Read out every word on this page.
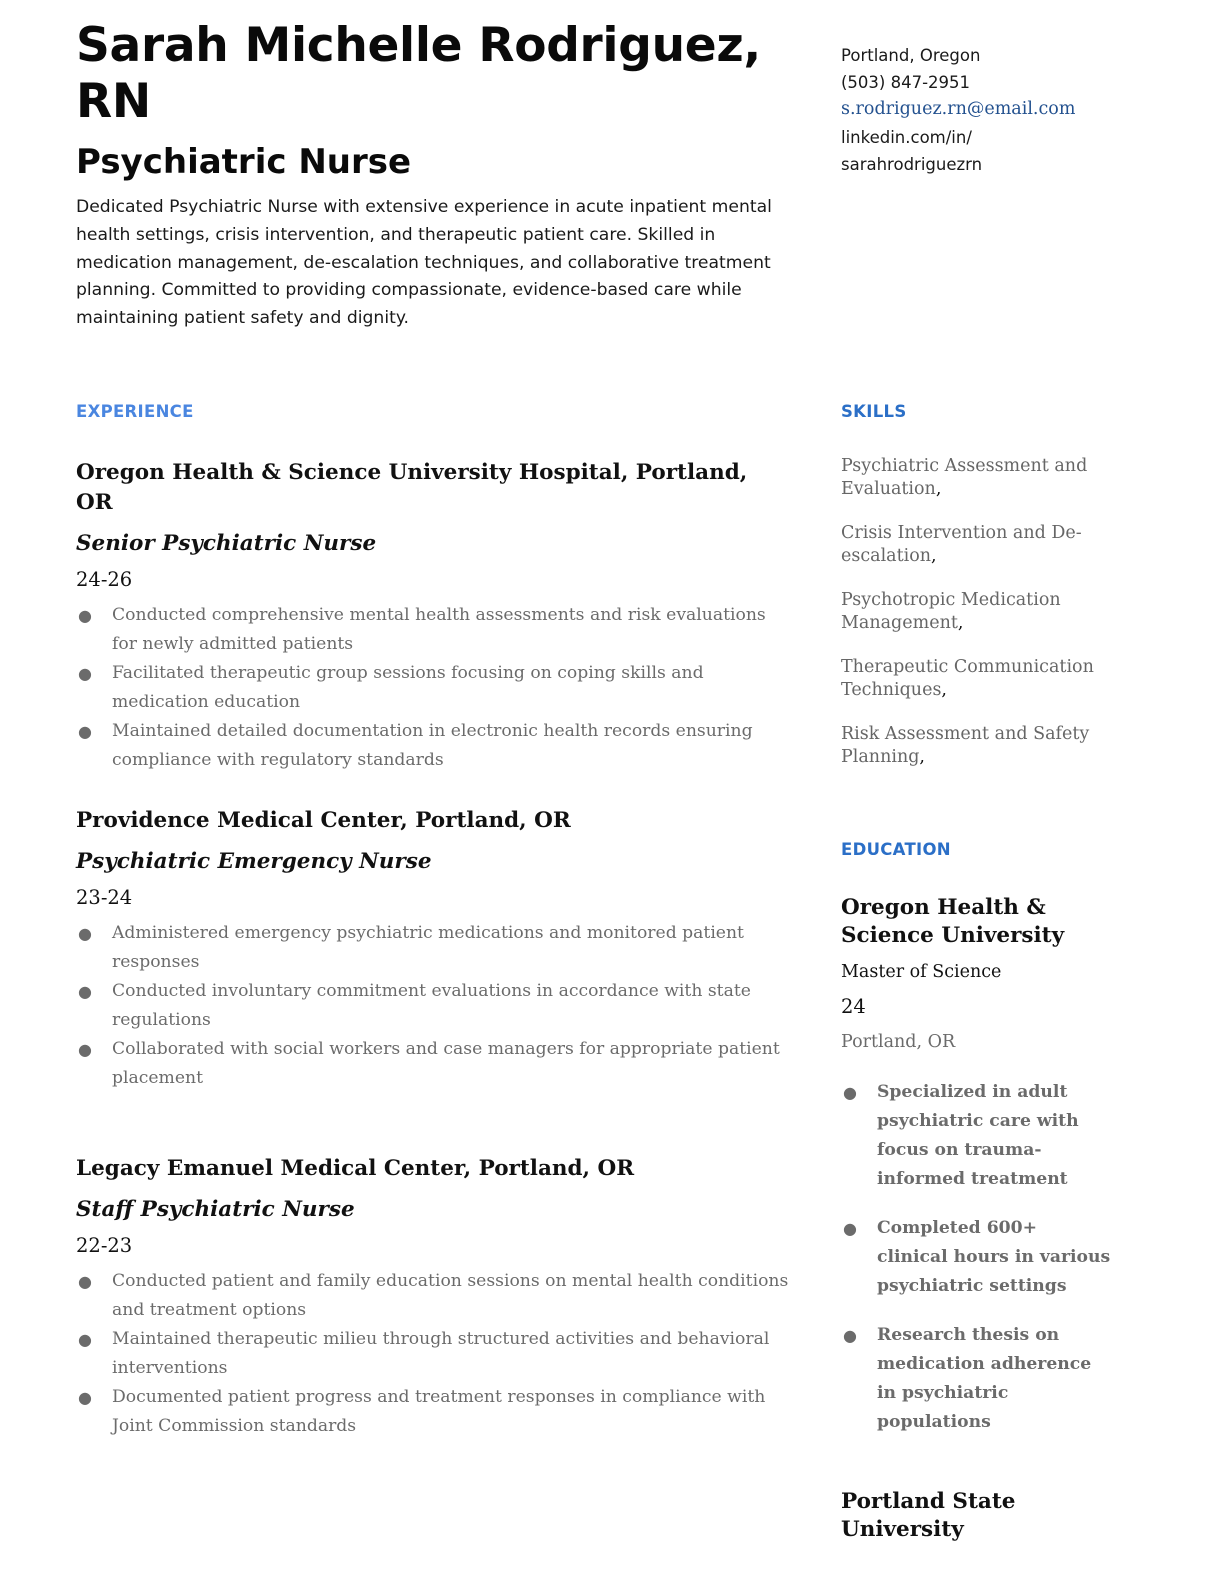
Sarah Michelle Rodriguez, RN
Psychiatric Nurse

Dedicated Psychiatric Nurse with extensive experience in acute inpatient mental health settings, crisis intervention, and therapeutic patient care. Skilled in medication management, de-escalation techniques, and collaborative treatment planning. Committed to providing compassionate, evidence-based care while maintaining patient safety and dignity.

EXPERIENCE
Oregon Health & Science University Hospital, Portland, OR
Senior Psychiatric Nurse
24-26
● Conducted comprehensive mental health assessments and risk evaluations for newly admitted patients
● Facilitated therapeutic group sessions focusing on coping skills and medication education
● Maintained detailed documentation in electronic health records ensuring compliance with regulatory standards
Providence Medical Center, Portland, OR
Psychiatric Emergency Nurse
23-24
● Administered emergency psychiatric medications and monitored patient responses
● Conducted involuntary commitment evaluations in accordance with state regulations
● Collaborated with social workers and case managers for appropriate patient placement
Legacy Emanuel Medical Center, Portland, OR
Staff Psychiatric Nurse
22-23
● Conducted patient and family education sessions on mental health conditions and treatment options
● Maintained therapeutic milieu through structured activities and behavioral interventions
● Documented patient progress and treatment responses in compliance with Joint Commission standards
Portland, Oregon
(503) 847-2951
s.rodriguez.rn@email.com
linkedin.com/in/
sarahrodriguezrn
SKILLS
Psychiatric Assessment and Evaluation,
Crisis Intervention and De-escalation,
Psychotropic Medication Management,
Therapeutic Communication Techniques,
Risk Assessment and Safety Planning,
EDUCATION
Oregon Health & Science University
Master of Science
24
Portland, OR
● Specialized in adult psychiatric care with focus on trauma-informed treatment
● Completed 600+ clinical hours in various psychiatric settings
● Research thesis on medication adherence in psychiatric populations
Portland State University
